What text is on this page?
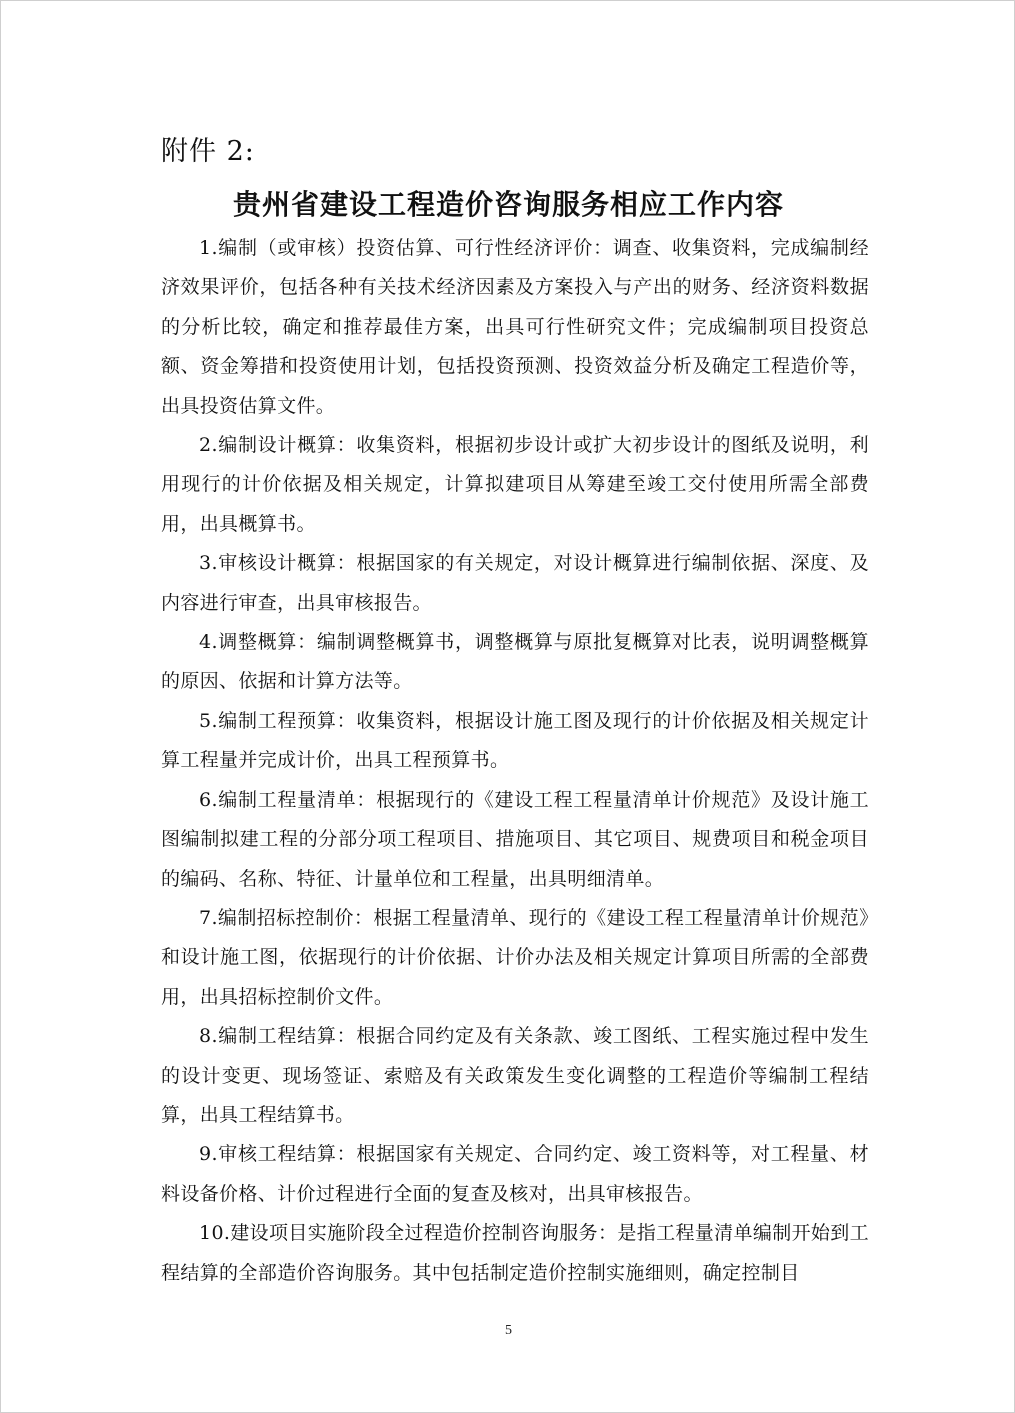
附件 2:
贵州省建设工程造价咨询服务相应工作内容

1.编制（或审核）投资估算、可行性经济评价：调查、收集资料，完成编制经济效果评价，包括各种有关技术经济因素及方案投入与产出的财务、经济资料数据的分析比较，确定和推荐最佳方案，出具可行性研究文件；完成编制项目投资总额、资金筹措和投资使用计划，包括投资预测、投资效益分析及确定工程造价等，出具投资估算文件。

2.编制设计概算：收集资料，根据初步设计或扩大初步设计的图纸及说明，利用现行的计价依据及相关规定，计算拟建项目从筹建至竣工交付使用所需全部费用，出具概算书。

3.审核设计概算：根据国家的有关规定，对设计概算进行编制依据、深度、及内容进行审查，出具审核报告。

4.调整概算：编制调整概算书，调整概算与原批复概算对比表，说明调整概算的原因、依据和计算方法等。

5.编制工程预算：收集资料，根据设计施工图及现行的计价依据及相关规定计算工程量并完成计价，出具工程预算书。

6.编制工程量清单：根据现行的《建设工程工程量清单计价规范》及设计施工图编制拟建工程的分部分项工程项目、措施项目、其它项目、规费项目和税金项目的编码、名称、特征、计量单位和工程量，出具明细清单。

7.编制招标控制价：根据工程量清单、现行的《建设工程工程量清单计价规范》和设计施工图，依据现行的计价依据、计价办法及相关规定计算项目所需的全部费用，出具招标控制价文件。

8.编制工程结算：根据合同约定及有关条款、竣工图纸、工程实施过程中发生的设计变更、现场签证、索赔及有关政策发生变化调整的工程造价等编制工程结算，出具工程结算书。

9.审核工程结算：根据国家有关规定、合同约定、竣工资料等，对工程量、材料设备价格、计价过程进行全面的复查及核对，出具审核报告。

10.建设项目实施阶段全过程造价控制咨询服务：是指工程量清单编制开始到工程结算的全部造价咨询服务。其中包括制定造价控制实施细则，确定控制目

5
